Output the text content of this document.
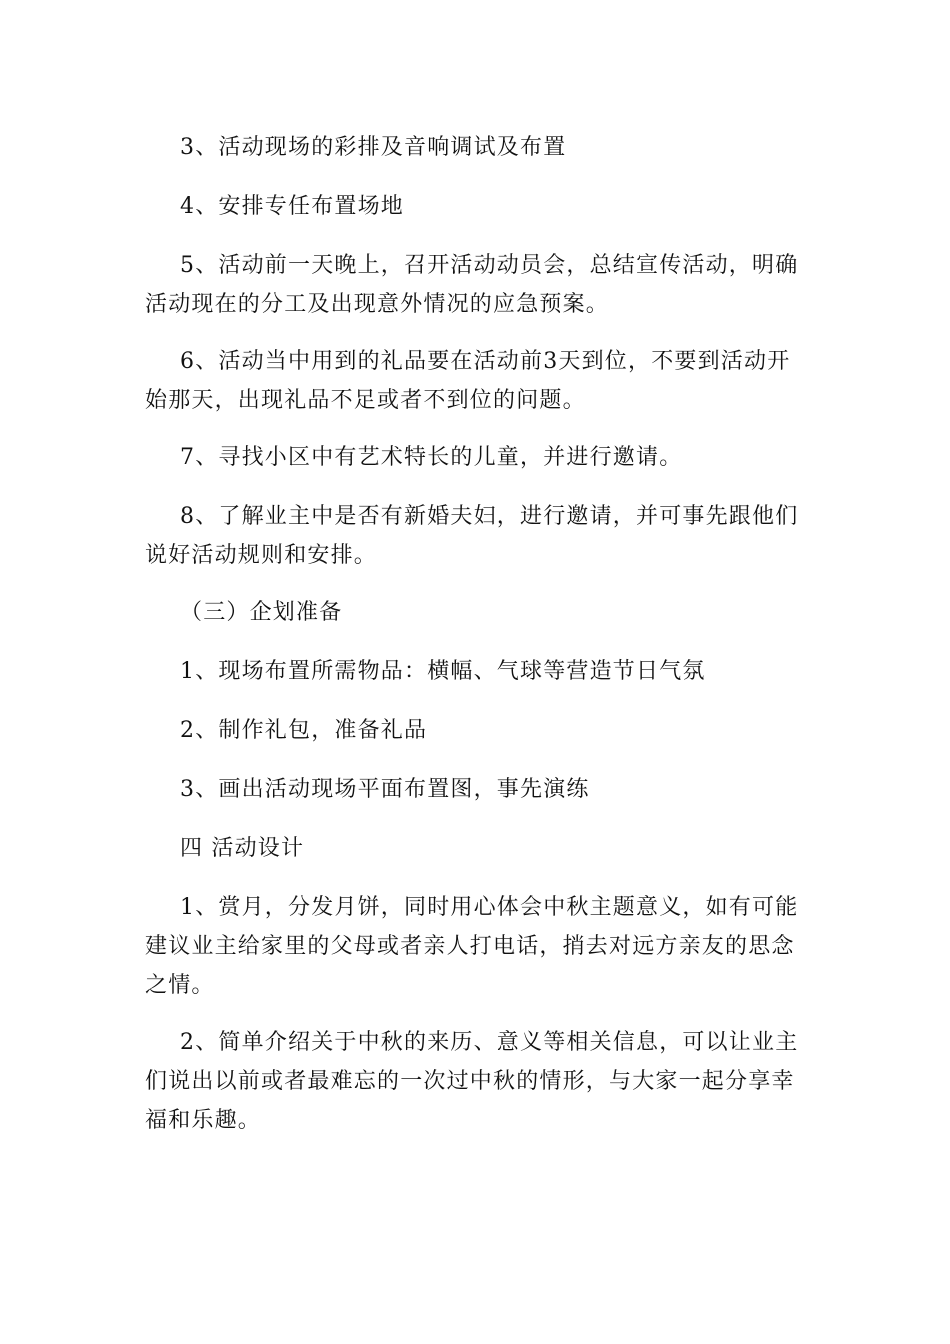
3、活动现场的彩排及音响调试及布置

4、安排专任布置场地

5、活动前一天晚上，召开活动动员会，总结宣传活动，明确活动现在的分工及出现意外情况的应急预案。

6、活动当中用到的礼品要在活动前3天到位，不要到活动开始那天，出现礼品不足或者不到位的问题。

7、寻找小区中有艺术特长的儿童，并进行邀请。

8、了解业主中是否有新婚夫妇，进行邀请，并可事先跟他们说好活动规则和安排。

（三）企划准备

1、现场布置所需物品：横幅、气球等营造节日气氛

2、制作礼包，准备礼品

3、画出活动现场平面布置图，事先演练

四 活动设计

1、赏月，分发月饼，同时用心体会中秋主题意义，如有可能建议业主给家里的父母或者亲人打电话，捎去对远方亲友的思念之情。

2、简单介绍关于中秋的来历、意义等相关信息，可以让业主们说出以前或者最难忘的一次过中秋的情形，与大家一起分享幸福和乐趣。
